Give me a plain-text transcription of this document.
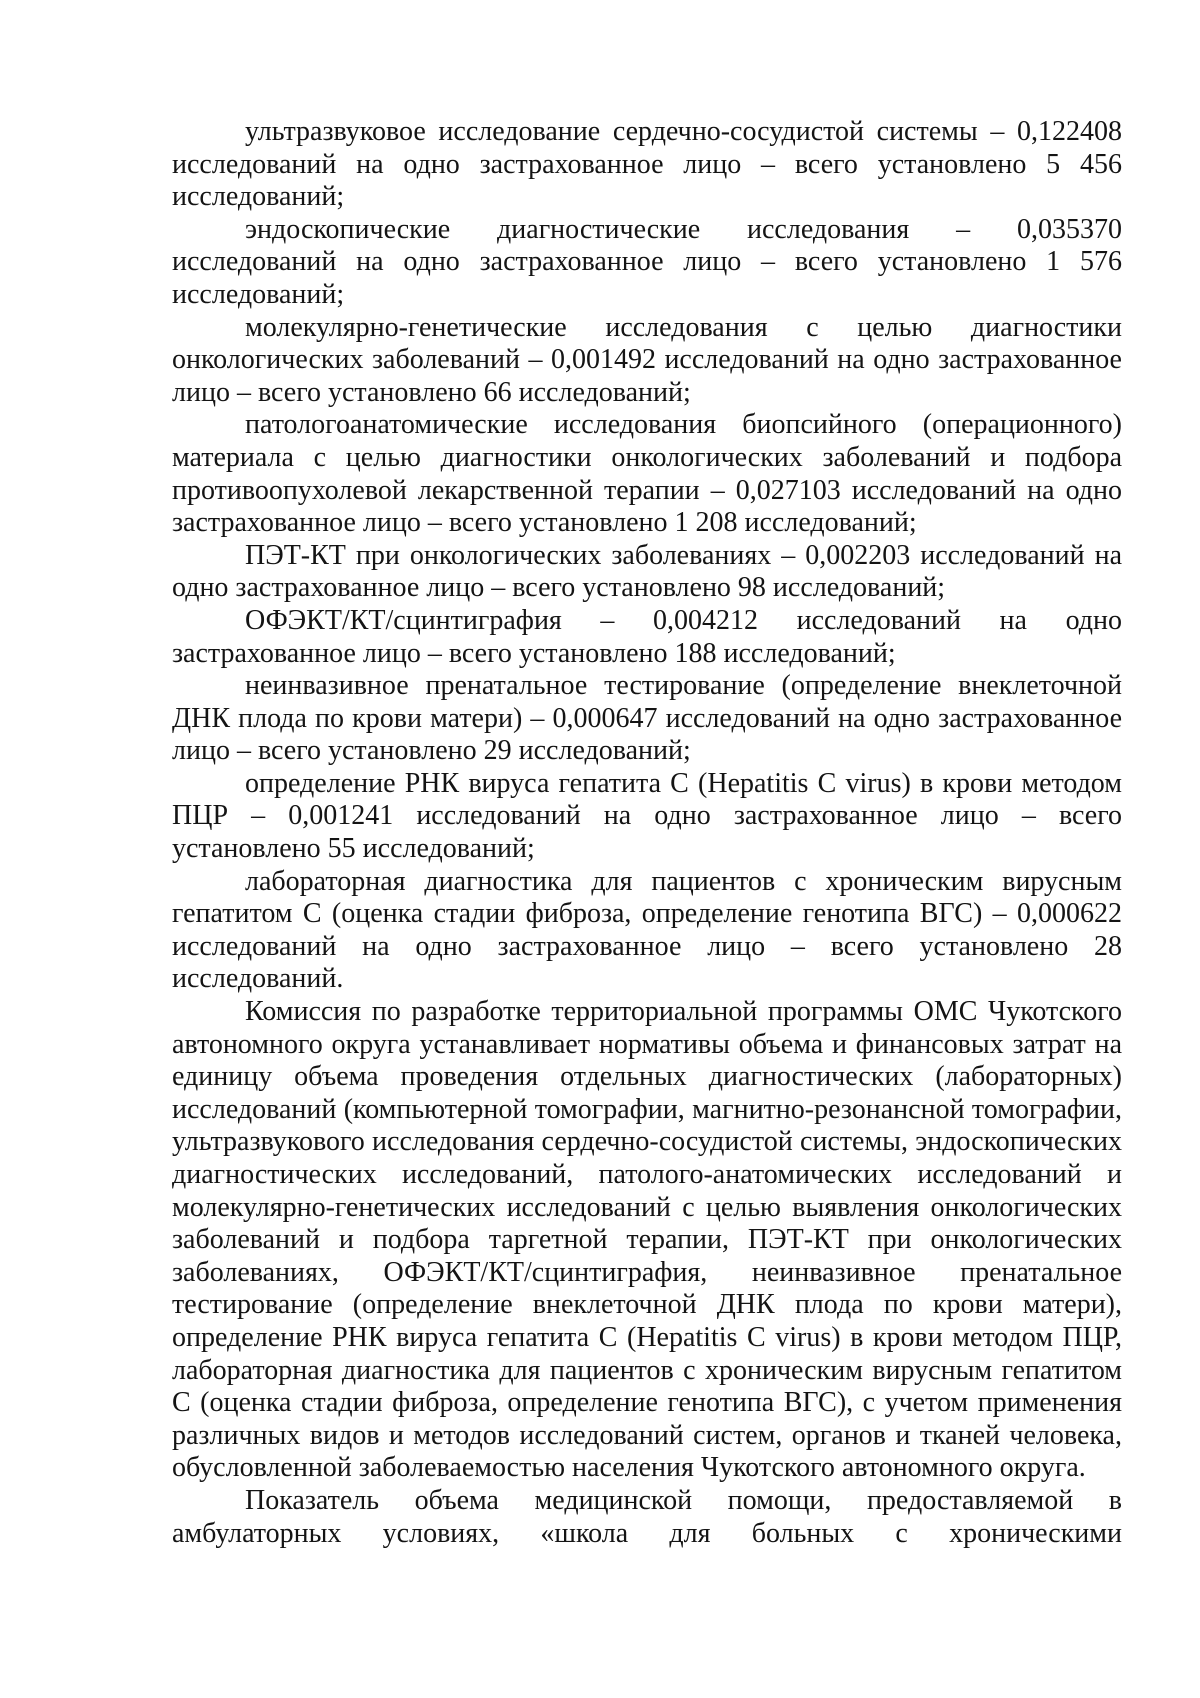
ультразвуковое исследование сердечно-сосудистой системы – 0,122408 исследований на одно застрахованное лицо – всего установлено 5 456 исследований;

эндоскопические диагностические исследования – 0,035370 исследований на одно застрахованное лицо – всего установлено 1 576 исследований;

молекулярно-генетические исследования с целью диагностики онкологических заболеваний – 0,001492 исследований на одно застрахованное лицо – всего установлено 66 исследований;

патологоанатомические исследования биопсийного (операционного) материала с целью диагностики онкологических заболеваний и подбора противоопухолевой лекарственной терапии – 0,027103 исследований на одно застрахованное лицо – всего установлено 1 208 исследований;

ПЭТ-КТ при онкологических заболеваниях – 0,002203 исследований на одно застрахованное лицо – всего установлено 98 исследований;

ОФЭКТ/КТ/сцинтиграфия – 0,004212 исследований на одно застрахованное лицо – всего установлено 188 исследований;

неинвазивное пренатальное тестирование (определение внеклеточной ДНК плода по крови матери) – 0,000647 исследований на одно застрахованное лицо – всего установлено 29 исследований;

определение РНК вируса гепатита С (Hepatitis C virus) в крови методом ПЦР – 0,001241 исследований на одно застрахованное лицо – всего установлено 55 исследований;

лабораторная диагностика для пациентов с хроническим вирусным гепатитом С (оценка стадии фиброза, определение генотипа ВГС) – 0,000622 исследований на одно застрахованное лицо – всего установлено 28 исследований.

Комиссия по разработке территориальной программы ОМС Чукотского автономного округа устанавливает нормативы объема и финансовых затрат на единицу объема проведения отдельных диагностических (лабораторных) исследований (компьютерной томографии, магнитно-резонансной томографии, ультразвукового исследования сердечно-сосудистой системы, эндоскопических диагностических исследований, патолого-анатомических исследований и молекулярно-генетических исследований с целью выявления онкологических заболеваний и подбора таргетной терапии, ПЭТ-КТ при онкологических заболеваниях, ОФЭКТ/КТ/сцинтиграфия, неинвазивное пренатальное тестирование (определение внеклеточной ДНК плода по крови матери), определение РНК вируса гепатита С (Hepatitis C virus) в крови методом ПЦР, лабораторная диагностика для пациентов с хроническим вирусным гепатитом С (оценка стадии фиброза, определение генотипа ВГС), с учетом применения различных видов и методов исследований систем, органов и тканей человека, обусловленной заболеваемостью населения Чукотского автономного округа.

Показатель объема медицинской помощи, предоставляемой в амбулаторных условиях, «школа для больных с хроническими
